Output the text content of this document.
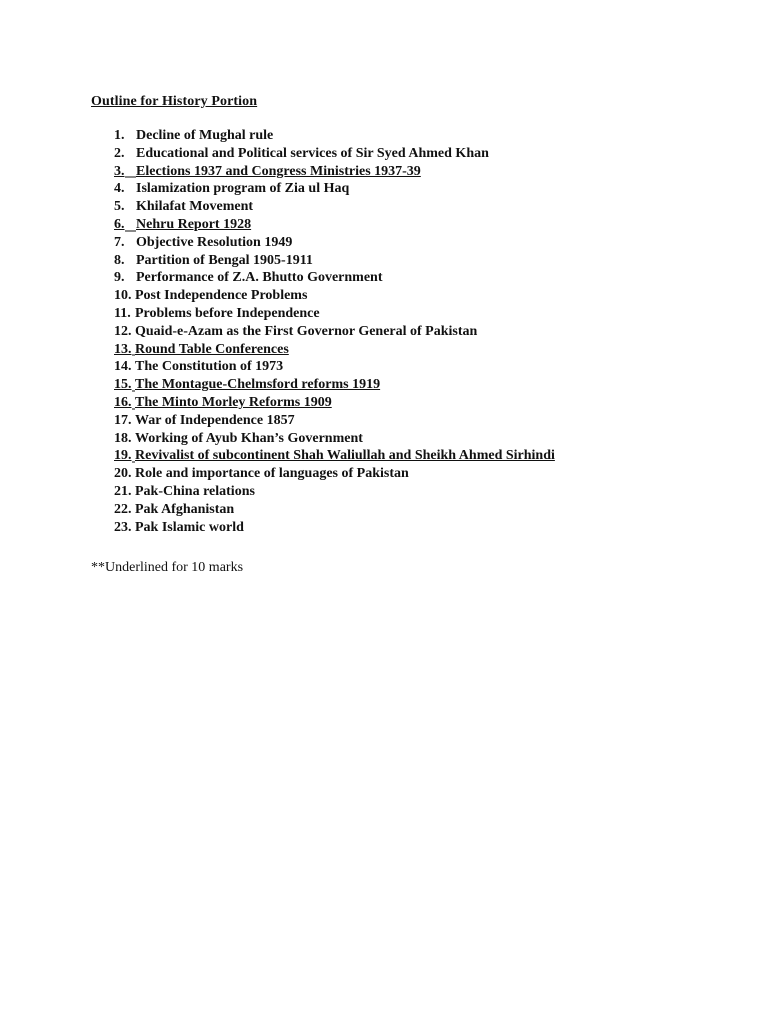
Outline for History Portion
1. Decline of Mughal rule
2. Educational and Political services of Sir Syed Ahmed Khan
3. Elections 1937 and Congress Ministries 1937-39
4. Islamization program of Zia ul Haq
5. Khilafat Movement
6. Nehru Report 1928
7. Objective Resolution 1949
8. Partition of Bengal 1905-1911
9. Performance of Z.A. Bhutto Government
10. Post Independence Problems
11. Problems before Independence
12. Quaid-e-Azam as the First Governor General of Pakistan
13. Round Table Conferences
14. The Constitution of 1973
15. The Montague-Chelmsford reforms 1919
16. The Minto Morley Reforms 1909
17. War of Independence 1857
18. Working of Ayub Khan’s Government
19. Revivalist of subcontinent Shah Waliullah and Sheikh Ahmed Sirhindi
20. Role and importance of languages of Pakistan
21. Pak-China relations
22. Pak Afghanistan
23. Pak Islamic world
**Underlined for 10 marks
